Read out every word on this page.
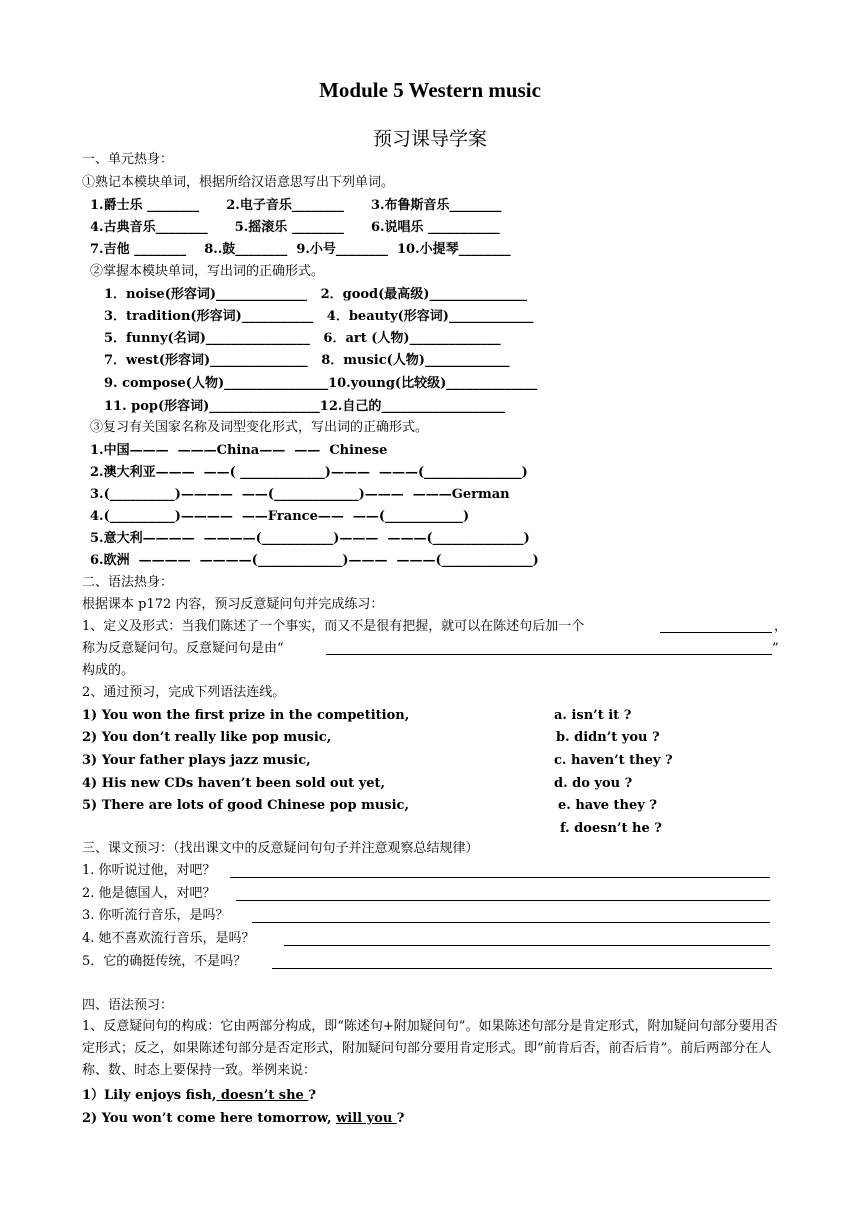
Module 5 Western music
预习课导学案
一、单元热身：
①熟记本模块单词，根据所给汉语意思写出下列单词。
1.爵士乐 ________      2.电子音乐________      3.布鲁斯音乐________
4.古典音乐________      5.摇滚乐 ________      6.说唱乐 ___________
7.吉他 ________    8..鼓________  9.小号________  10.小提琴________
②掌握本模块单词，写出词的正确形式。
1．noise(形容词)______________   2．good(最高级)_______________
3．tradition(形容词)___________   4．beauty(形容词)_____________
5．funny(名词)________________   6．art (人物)______________
7．west(形容词)_______________   8．music(人物)_____________
9. compose(人物)________________10.young(比较级)______________
11. pop(形容词)_________________12.自己的___________________
③复习有关国家名称及词型变化形式，写出词的正确形式。
1.中国———  ———China——  ——  Chinese
2.澳大利亚———  ——( _____________)———  ———(_______________)
3.(__________)————  ——(_____________)———  ———German
4.(__________)————  ——France——  ——(____________)
5.意大利————  ————(___________)———  ———(______________)
6.欧洲  ————  ————(_____________)———  ———(______________)
二、语法热身：
根据课本 p172 内容，预习反意疑问句并完成练习：
1、定义及形式：当我们陈述了一个事实，而又不是很有把握，就可以在陈述句后加一个	，
称为反意疑问句。反意疑问句是由“	”
构成的。
2、通过预习，完成下列语法连线。
1) You won the first prize in the competition,
2) You don’t really like pop music,
3) Your father plays jazz music,
4) His new CDs haven’t been sold out yet,
5) There are lots of good Chinese pop music,
a. isn’t it ?
b. didn’t you ?
c. haven’t they ?
d. do you ?
e. have they ?
f. doesn’t he ?
三、课文预习：（找出课文中的反意疑问句句子并注意观察总结规律）
1. 你听说过他，对吧？
2. 他是德国人，对吧？
3. 你听流行音乐，是吗？
4. 她不喜欢流行音乐，是吗？
5．它的确挺传统，不是吗？
四、语法预习：
1、反意疑问句的构成：它由两部分构成，即“陈述句+附加疑问句”。如果陈述句部分是肯定形式，附加疑问句部分要用否定形式；反之，如果陈述句部分是否定形式，附加疑问句部分要用肯定形式。即“前肯后否，前否后肯”。前后两部分在人称、数、时态上要保持一致。举例来说：
1）Lily enjoys fish, doesn’t she ?
2) You won’t come here tomorrow, will you ?
